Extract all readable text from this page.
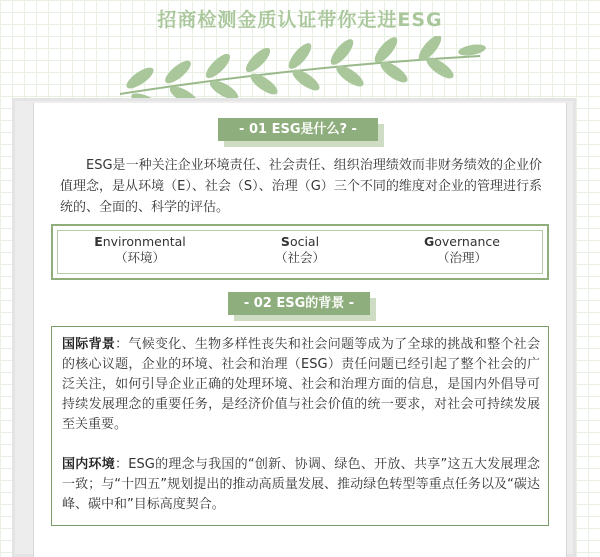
招商检测金质认证带你走进ESG
- 01 ESG是什么? -
ESG是一种关注企业环境责任、社会责任、组织治理绩效而非财务绩效的企业价值理念，是从环境（E）、社会（S）、治理（G）三个不同的维度对企业的管理进行系统的、全面的、科学的评估。
Environmental
（环境）
Social
（社会）
Governance
（治理）
- 02 ESG的背景 -

国际背景：气候变化、生物多样性丧失和社会问题等成为了全球的挑战和整个社会的核心议题，企业的环境、社会和治理（ESG）责任问题已经引起了整个社会的广泛关注，如何引导企业正确的处理环境、社会和治理方面的信息，是国内外倡导可持续发展理念的重要任务，是经济价值与社会价值的统一要求，对社会可持续发展至关重要。

国内环境：ESG的理念与我国的“创新、协调、绿色、开放、共享”这五大发展理念一致；与“十四五”规划提出的推动高质量发展、推动绿色转型等重点任务以及“碳达峰、碳中和”目标高度契合。
